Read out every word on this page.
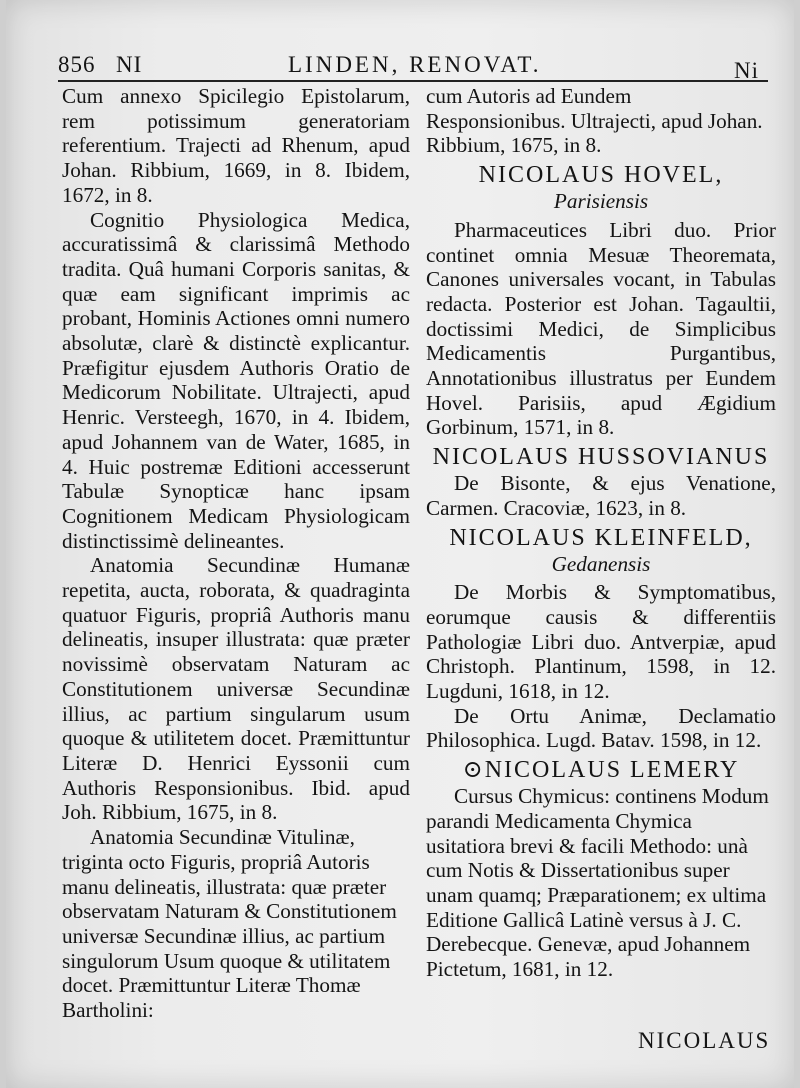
856 NI	LINDEN, RENOVAT.	Ni

Cum annexo Spicilegio Epistolarum, rem potissimum generatoriam referentium. Trajecti ad Rhenum, apud Johan. Ribbium, 1669, in 8. Ibidem, 1672, in 8.

Cognitio Physiologica Medica, accuratissimâ & clarissimâ Methodo tradita. Quâ humani Corporis sanitas, & quæ eam significant imprimis ac probant, Hominis Actiones omni numero absolutæ, clarè & distinctè explicantur. Præfigitur ejusdem Authoris Oratio de Medicorum Nobilitate. Ultrajecti, apud Henric. Versteegh, 1670, in 4. Ibidem, apud Johannem van de Water, 1685, in 4. Huic postremæ Editioni accesserunt Tabulæ Synopticæ hanc ipsam Cognitionem Medicam Physiologicam distinctissimè delineantes.

Anatomia Secundinæ Humanæ repetita, aucta, roborata, & quadraginta quatuor Figuris, propriâ Authoris manu delineatis, insuper illustrata: quæ præter novissimè observatam Naturam ac Constitutionem universæ Secundinæ illius, ac partium singularum usum quoque & utilitetem docet. Præmittuntur Literæ D. Henrici Eyssonii cum Authoris Responsionibus. Ibid. apud Joh. Ribbium, 1675, in 8.

Anatomia Secundinæ Vitulinæ, triginta octo Figuris, propriâ Autoris manu delineatis, illustrata: quæ præter observatam Naturam & Constitutionem universæ Secundinæ illius, ac partium singulorum Usum quoque & utilitatem docet. Præmittuntur Literæ Thomæ Bartholini:

cum Autoris ad Eundem Responsionibus. Ultrajecti, apud Johan. Ribbium, 1675, in 8.

NICOLAUS HOVEL,
Parisiensis

Pharmaceutices Libri duo. Prior continet omnia Mesuæ Theoremata, Canones universales vocant, in Tabulas redacta. Posterior est Johan. Tagaultii, doctissimi Medici, de Simplicibus Medicamentis Purgantibus, Annotationibus illustratus per Eundem Hovel. Parisiis, apud Ægidium Gorbinum, 1571, in 8.

NICOLAUS HUSSOVIANUS

De Bisonte, & ejus Venatione, Carmen. Cracoviæ, 1623, in 8.

NICOLAUS KLEINFELD,
Gedanensis

De Morbis & Symptomatibus, eorumque causis & differentiis Pathologiæ Libri duo. Antverpiæ, apud Christoph. Plantinum, 1598, in 12. Lugduni, 1618, in 12.

De Ortu Animæ, Declamatio Philosophica. Lugd. Batav. 1598, in 12.

⊙NICOLAUS LEMERY

Cursus Chymicus: continens Modum parandi Medicamenta Chymica usitatiora brevi & facili Methodo: unà cum Notis & Dissertationibus super unam quamq; Præparationem; ex ultima Editione Gallicâ Latinè versus à J. C. Derebecque. Genevæ, apud Johannem Pictetum, 1681, in 12.

NICOLAUS
